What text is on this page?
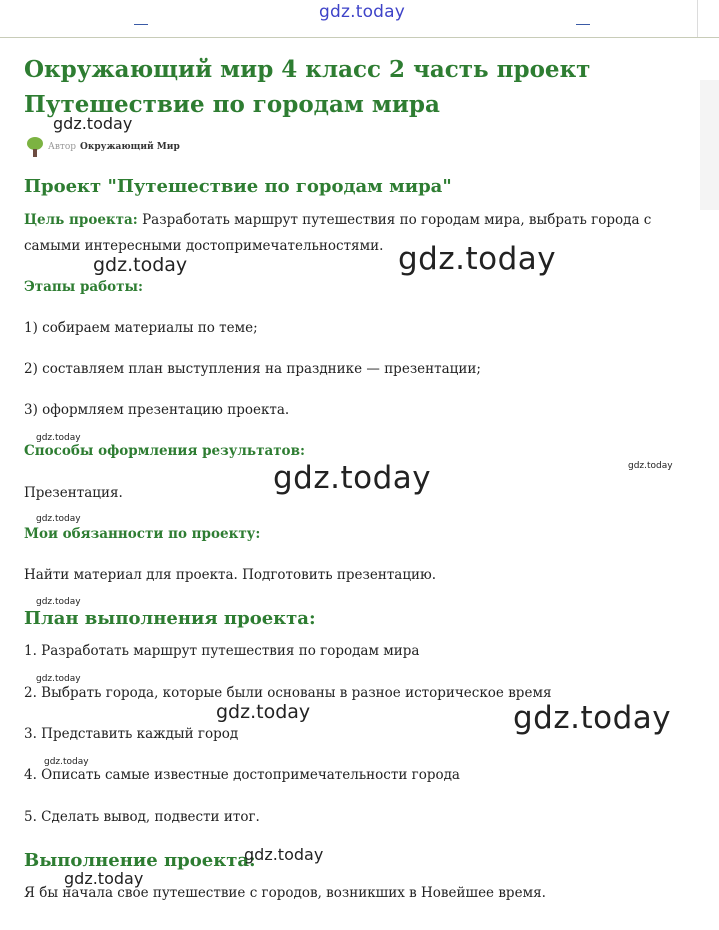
gdz.today
Окружающий мир 4 класс 2 часть проект
Путешествие по городам мира
Автор Окружающий Мир
Проект "Путешествие по городам мира"
Цель проекта: Разработать маршрут путешествия по городам мира, выбрать города с
самыми интересными достопримечательностями.
Этапы работы:
1) собираем материалы по теме;
2) составляем план выступления на празднике — презентации;
3) оформляем презентацию проекта.
Способы оформления результатов:
Презентация.
Мои обязанности по проекту:
Найти материал для проекта. Подготовить презентацию.
План выполнения проекта:
1. Разработать маршрут путешествия по городам мира
2. Выбрать города, которые были основаны в разное историческое время
3. Представить каждый город
4. Описать самые известные достопримечательности города
5. Сделать вывод, подвести итог.
Выполнение проекта:
Я бы начала свое путешествие с городов, возникших в Новейшее время.
gdz.today
gdz.today	gdz.today
gdz.today
gdz.today	gdz.today
gdz.today
gdz.today
gdz.today
gdz.today	gdz.today
gdz.today
gdz.today
gdz.today
